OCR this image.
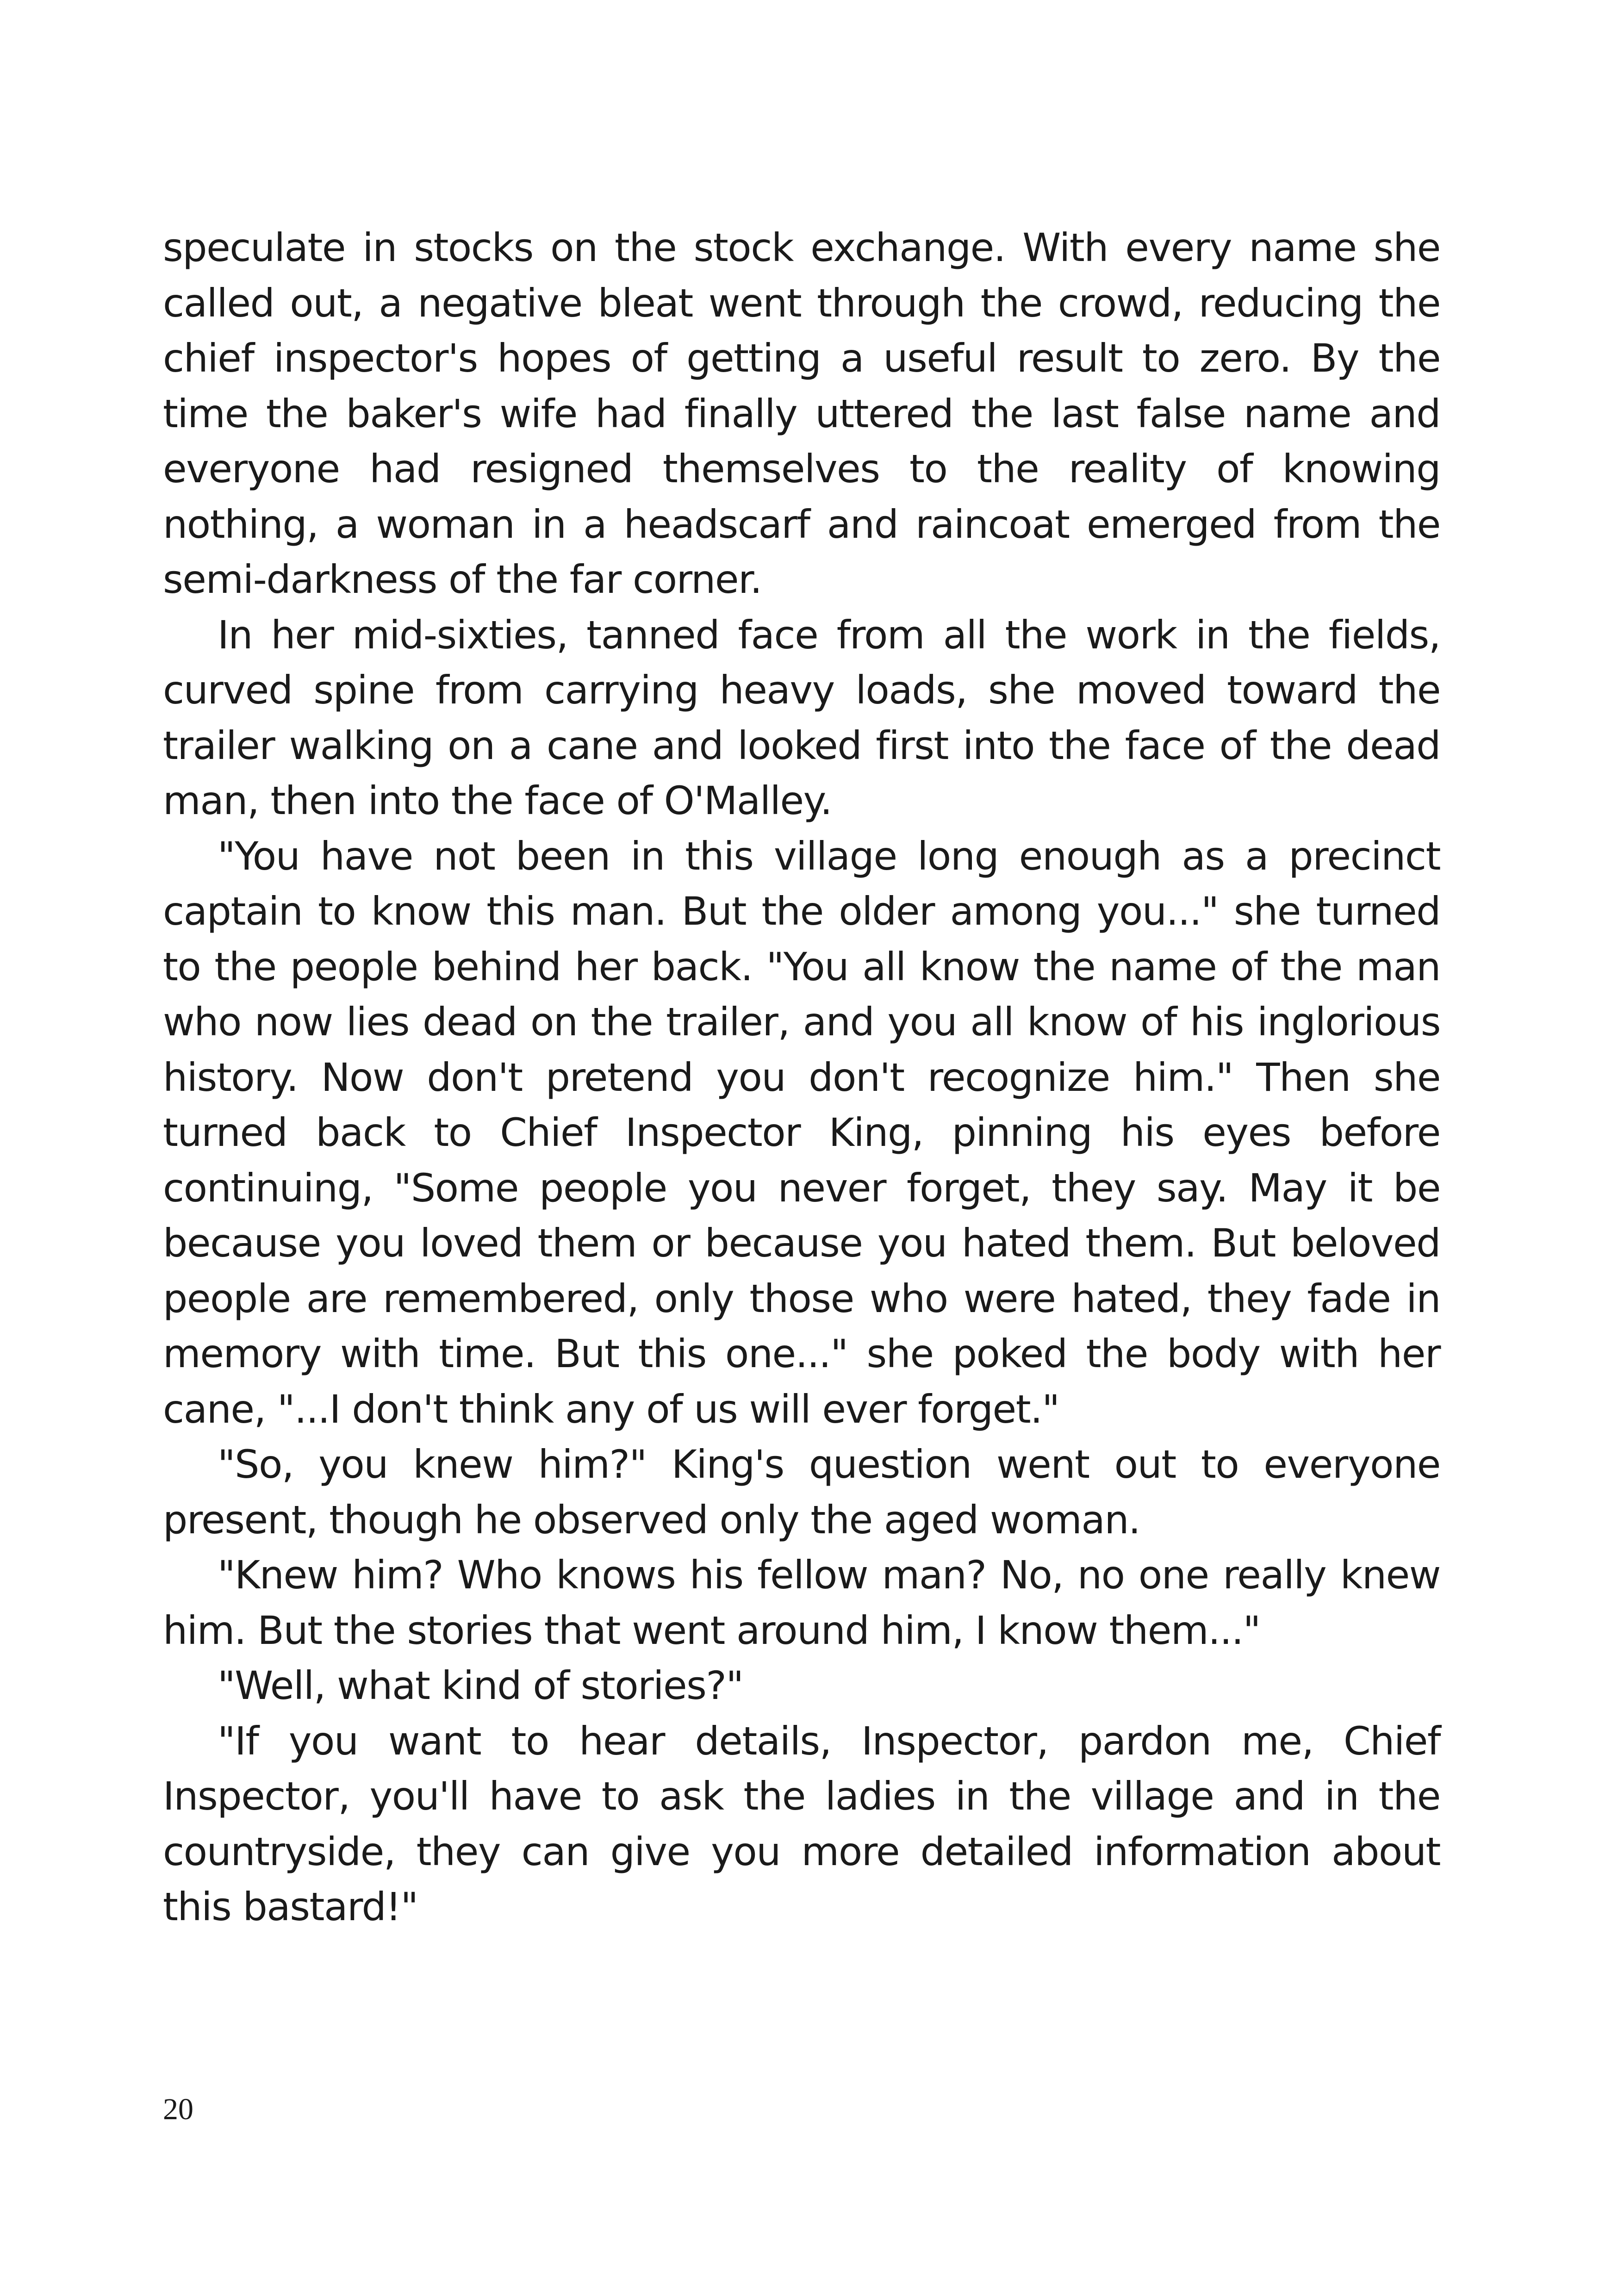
speculate in stocks on the stock exchange. With every name she called out, a negative bleat went through the crowd, reducing the chief inspector's hopes of getting a useful result to zero. By the time the baker's wife had finally uttered the last false name and everyone had resigned themselves to the reality of knowing nothing, a woman in a headscarf and raincoat emerged from the semi-darkness of the far corner.

In her mid-sixties, tanned face from all the work in the fields, curved spine from carrying heavy loads, she moved toward the trailer walking on a cane and looked first into the face of the dead man, then into the face of O'Malley.

"You have not been in this village long enough as a precinct captain to know this man. But the older among you..." she turned to the people behind her back. "You all know the name of the man who now lies dead on the trailer, and you all know of his inglorious history. Now don't pretend you don't recognize him." Then she turned back to Chief Inspector King, pinning his eyes before continuing, "Some people you never forget, they say. May it be because you loved them or because you hated them. But beloved people are remembered, only those who were hated, they fade in memory with time. But this one..." she poked the body with her cane, "...I don't think any of us will ever forget."

"So, you knew him?" King's question went out to everyone present, though he observed only the aged woman.

"Knew him? Who knows his fellow man? No, no one really knew him. But the stories that went around him, I know them..."

"Well, what kind of stories?"

"If you want to hear details, Inspector, pardon me, Chief Inspector, you'll have to ask the ladies in the village and in the countryside, they can give you more detailed information about this bastard!"

20
